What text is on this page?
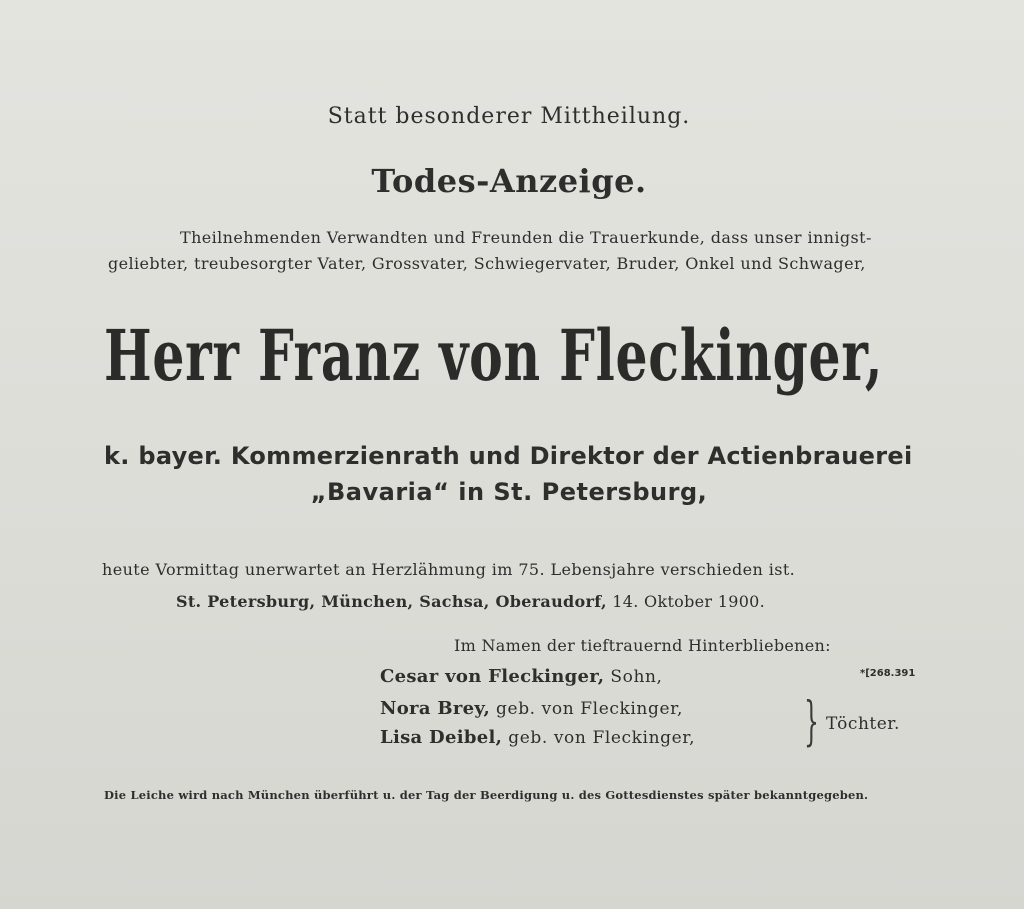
Statt besonderer Mittheilung.
Todes-Anzeige.
Theilnehmenden Verwandten und Freunden die Trauerkunde, dass unser innigst-
geliebter, treubesorgter Vater, Grossvater, Schwiegervater, Bruder, Onkel und Schwager,
Herr Franz von Fleckinger,
k. bayer. Kommerzienrath und Direktor der Actienbrauerei
„Bavaria“ in St. Petersburg,
heute Vormittag unerwartet an Herzlähmung im 75. Lebensjahre verschieden ist.
St. Petersburg, München, Sachsa, Oberaudorf, 14. Oktober 1900.
Im Namen der tieftrauernd Hinterbliebenen:
Cesar von Fleckinger, Sohn,
Nora Brey, geb. von Fleckinger,
Lisa Deibel, geb. von Fleckinger, } Töchter.
*[268.391
Die Leiche wird nach München überführt u. der Tag der Beerdigung u. des Gottesdienstes später bekanntgegeben.
